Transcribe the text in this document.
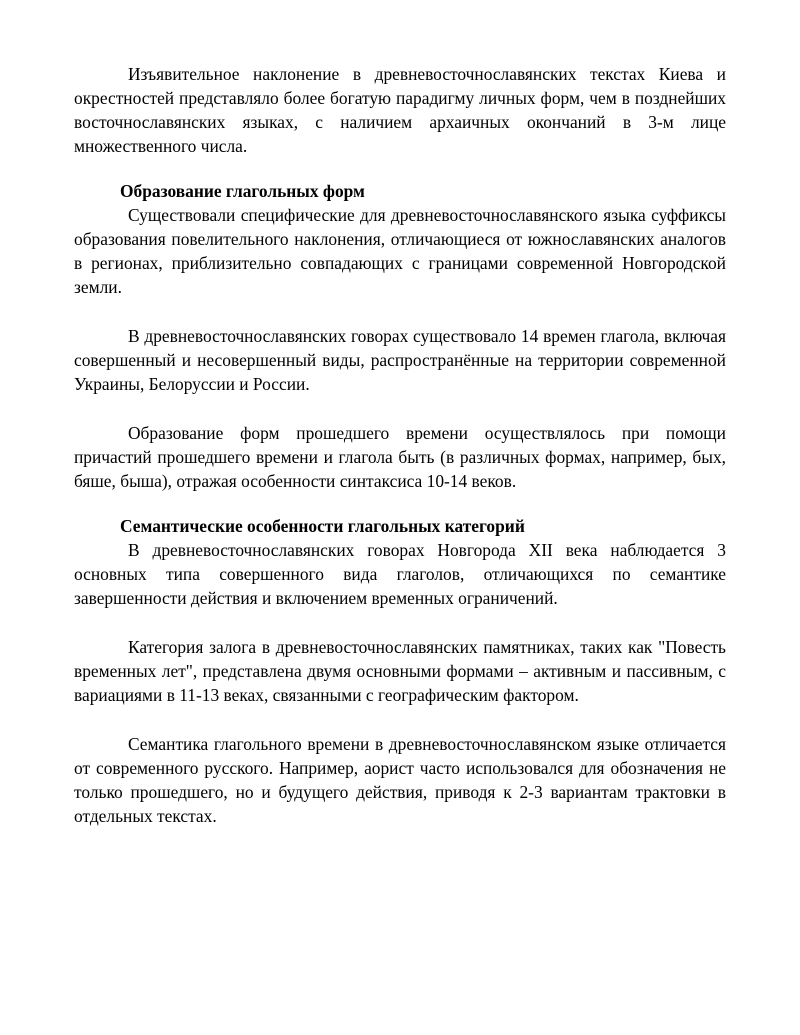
Изъявительное наклонение в древневосточнославянских текстах Киева и окрестностей представляло более богатую парадигму личных форм, чем в позднейших восточнославянских языках, с наличием архаичных окончаний в 3-м лице множественного числа.

Образование глагольных форм

Существовали специфические для древневосточнославянского языка суффиксы образования повелительного наклонения, отличающиеся от южнославянских аналогов в регионах, приблизительно совпадающих с границами современной Новгородской земли.

В древневосточнославянских говорах существовало 14 времен глагола, включая совершенный и несовершенный виды, распространённые на территории современной Украины, Белоруссии и России.

Образование форм прошедшего времени осуществлялось при помощи причастий прошедшего времени и глагола быть (в различных формах, например, бых, бяше, быша), отражая особенности синтаксиса 10-14 веков.

Семантические особенности глагольных категорий

В древневосточнославянских говорах Новгорода XII века наблюдается 3 основных типа совершенного вида глаголов, отличающихся по семантике завершенности действия и включением временных ограничений.

Категория залога в древневосточнославянских памятниках, таких как "Повесть временных лет", представлена двумя основными формами – активным и пассивным, с вариациями в 11-13 веках, связанными с географическим фактором.

Семантика глагольного времени в древневосточнославянском языке отличается от современного русского. Например, аорист часто использовался для обозначения не только прошедшего, но и будущего действия, приводя к 2-3 вариантам трактовки в отдельных текстах.
